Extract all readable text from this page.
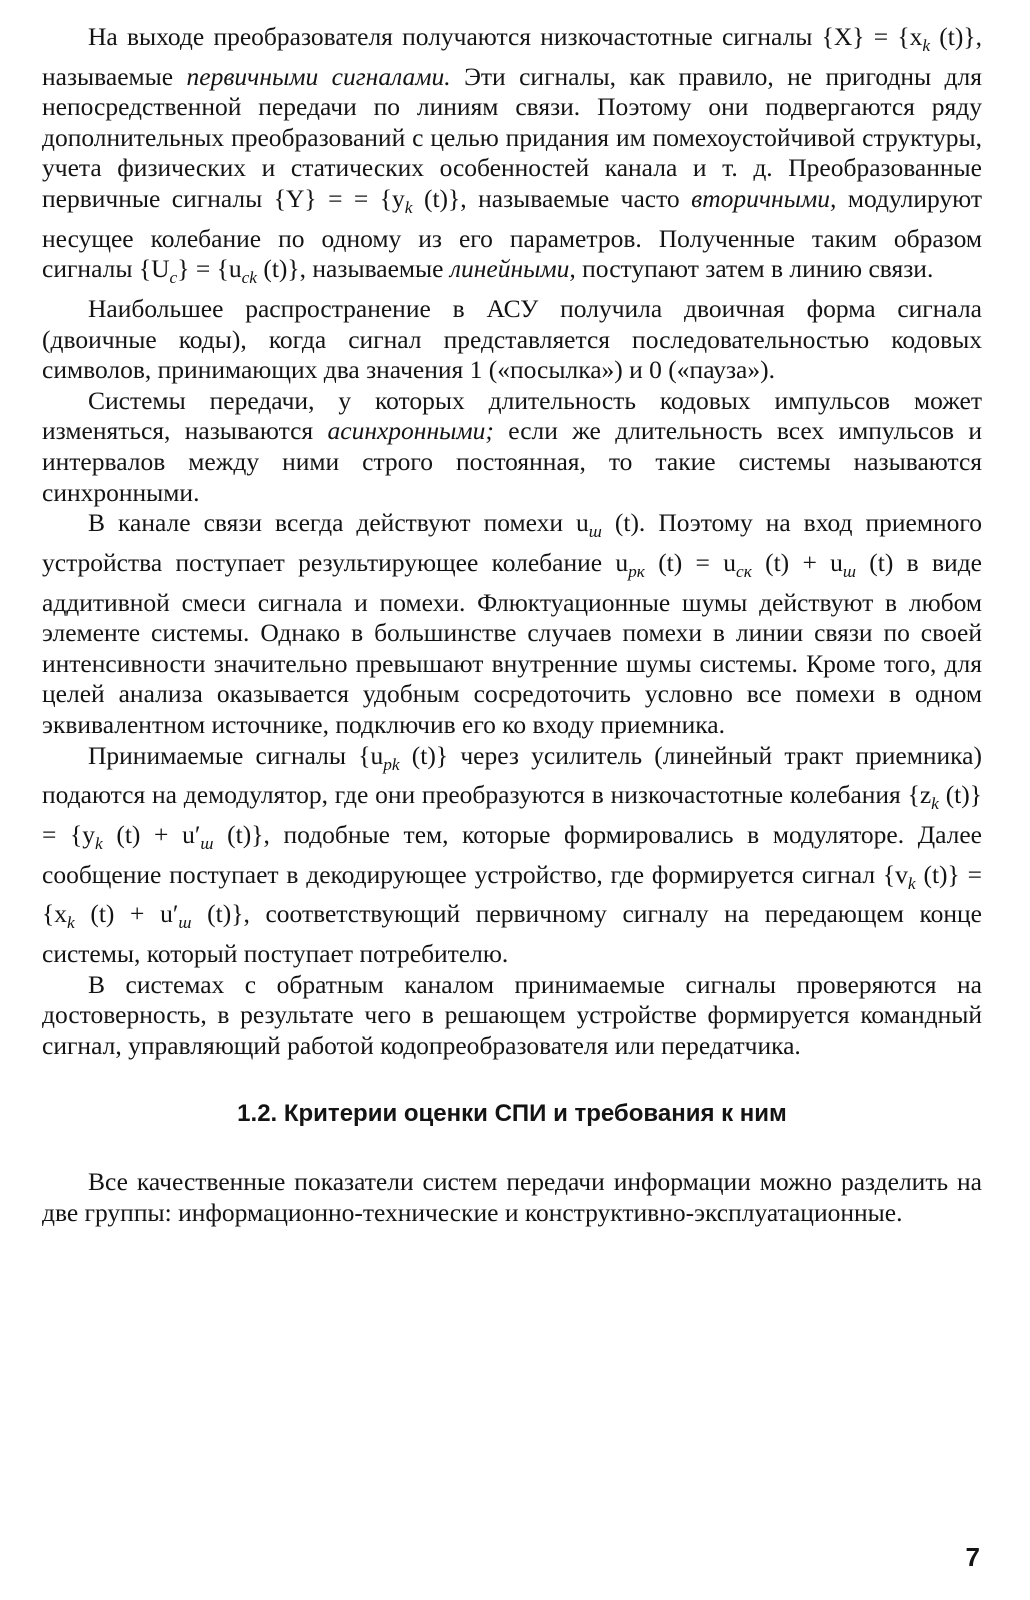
На выходе преобразователя получаются низкочастотные сигналы $\{X\} = \{x_k$ (t)}, называемые первичными сигналами. Эти сигналы, как правило, не пригодны для непосредственной передачи по линиям связи. Поэтому они подвергаются ряду дополнительных преобразований с целью придания им помехоустойчивой структуры, учета физических и статических особенностей канала и т. д. Преобразованные первичные сигналы {Y} = = {$y_k$ (t)}, называемые часто вторичными, модулируют несущее колебание по одному из его параметров. Полученные таким образом сигналы $\{U_c\} = \{u_{ck}$ (t)}, называемые линейными, поступают затем в линию связи.

Наибольшее распространение в АСУ получила двоичная форма сигнала (двоичные коды), когда сигнал представляется последовательностью кодовых символов, принимающих два значения 1 («посылка») и 0 («пауза»).

Системы передачи, у которых длительность кодовых импульсов может изменяться, называются асинхронными; если же длительность всех импульсов и интервалов между ними строго постоянная, то такие системы называются синхронными.

В канале связи всегда действуют помехи $u_ш$ (t). Поэтому на вход приемного устройства поступает результирующее колебание $u_{рк}$ $(t) = u_{ск}$ $(t) + u_ш$ (t) в виде аддитивной смеси сигнала и помехи. Флюктуационные шумы действуют в любом элементе системы. Однако в большинстве случаев помехи в линии связи по своей интенсивности значительно превышают внутренние шумы системы. Кроме того, для целей анализа оказывается удобным сосредоточить условно все помехи в одном эквивалентном источнике, подключив его ко входу приемника.

Принимаемые сигналы {$u_{pk}$ (t)} через усилитель (линейный тракт приемника) подаются на демодулятор, где они преобразуются в низкочастотные колебания {$z_k$ $(t)\} = \{y_k$ $(t) + u'_ш$ (t)}, подобные тем, которые формировались в модуляторе. Далее сообщение поступает в декодирующее устройство, где формируется сигнал {$v_k$ $(t)\} = \{x_k$ $(t) + u'_ш$ (t)}, соответствующий первичному сигналу на передающем конце системы, который поступает потребителю.

В системах с обратным каналом принимаемые сигналы проверяются на достоверность, в результате чего в решающем устройстве формируется командный сигнал, управляющий работой кодопреобразователя или передатчика.

1.2. Критерии оценки СПИ и требования к ним

Все качественные показатели систем передачи информации можно разделить на две группы: информационно-технические и конструктивно-эксплуатационные.

7
